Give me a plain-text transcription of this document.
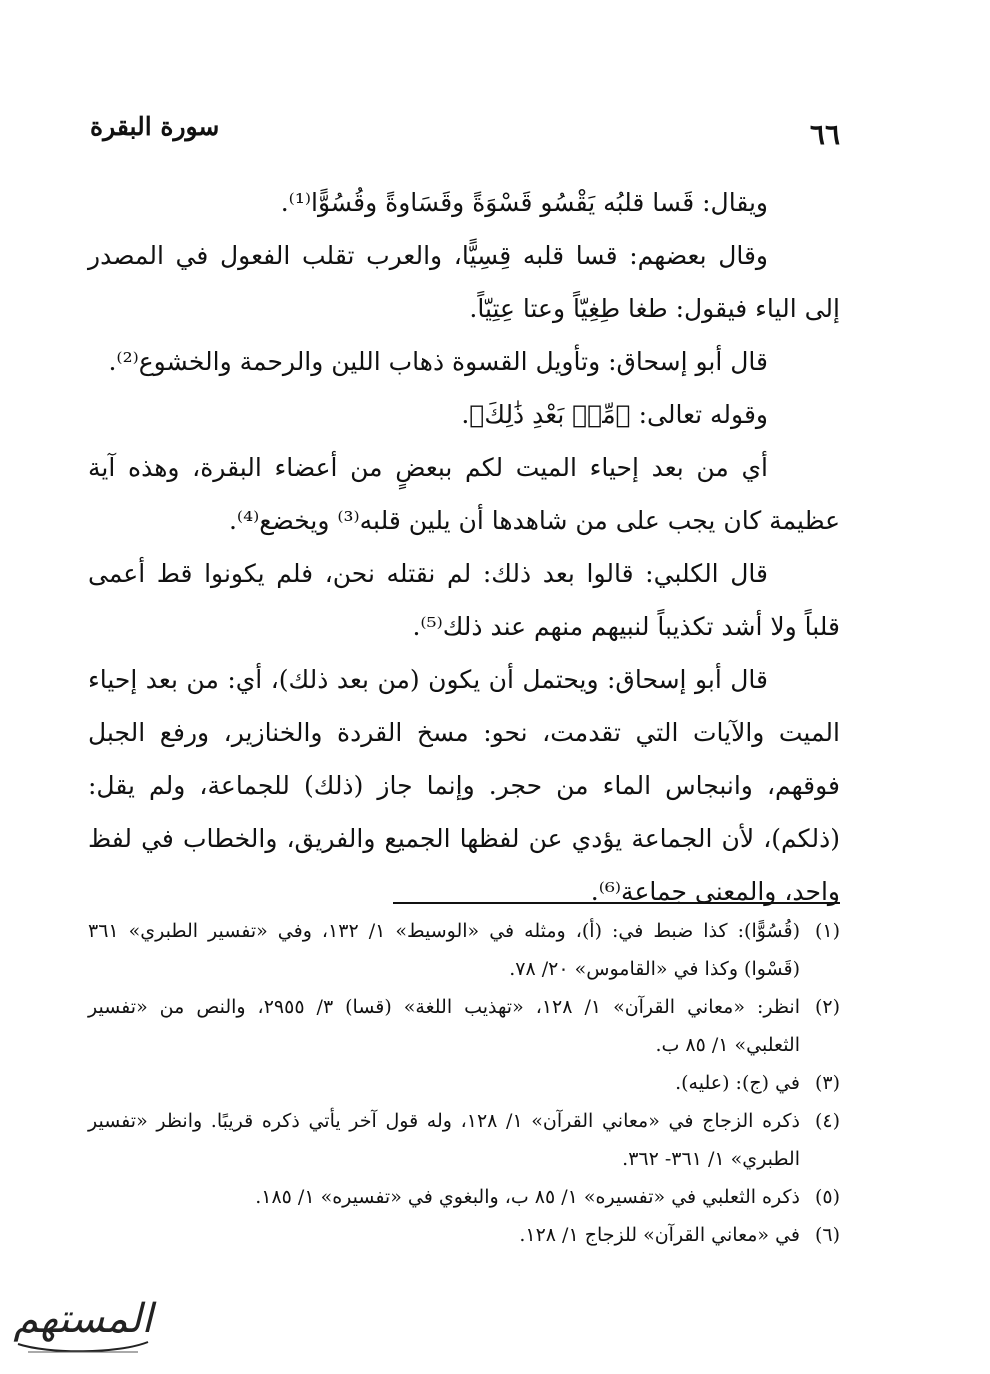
٦٦
سورة البقرة

ويقال: قَسا قلبُه يَقْسُو قَسْوَةً وقَسَاوةً وقُسُوًّا⁽¹⁾.

وقال بعضهم: قسا قلبه قِسِيًّا، والعرب تقلب الفعول في المصدر إلى الياء فيقول: طغا طِغِيّاً وعتا عِتِيّاً.

قال أبو إسحاق: وتأويل القسوة ذهاب اللين والرحمة والخشوع⁽²⁾.

وقوله تعالى: ﴿مِّنۢ بَعْدِ ذَٰلِكَ﴾.

أي من بعد إحياء الميت لكم ببعضٍ من أعضاء البقرة، وهذه آية عظيمة كان يجب على من شاهدها أن يلين قلبه⁽³⁾ ويخضع⁽⁴⁾.

قال الكلبي: قالوا بعد ذلك: لم نقتله نحن، فلم يكونوا قط أعمى قلباً ولا أشد تكذيباً لنبيهم منهم عند ذلك⁽⁵⁾.

قال أبو إسحاق: ويحتمل أن يكون (من بعد ذلك)، أي: من بعد إحياء الميت والآيات التي تقدمت، نحو: مسخ القردة والخنازير، ورفع الجبل فوقهم، وانبجاس الماء من حجر. وإنما جاز (ذلك) للجماعة، ولم يقل: (ذلكم)، لأن الجماعة يؤدي عن لفظها الجميع والفريق، والخطاب في لفظ واحد، والمعنى جماعة⁽⁶⁾.

(١)
(قُسُوًّا): كذا ضبط في: (أ)، ومثله في «الوسيط» ١/ ١٣٢، وفي «تفسير الطبري» ٣٦١ (قَسْوا) وكذا في «القاموس» ٢٠/ ٧٨.
(٢)
انظر: «معاني القرآن» ١/ ١٢٨، «تهذيب اللغة» (قسا) ٣/ ٢٩٥٥، والنص من «تفسير الثعلبي» ١/ ٨٥ ب.
(٣)
في (ج): (عليه).
(٤)
ذكره الزجاج في «معاني القرآن» ١/ ١٢٨، وله قول آخر يأتي ذكره قريبًا. وانظر «تفسير الطبري» ١/ ٣٦١- ٣٦٢.
(٥)
ذكره الثعلبي في «تفسيره» ١/ ٨٥ ب، والبغوي في «تفسيره» ١/ ١٨٥.
(٦)
في «معاني القرآن» للزجاج ١/ ١٢٨.
المستهم
